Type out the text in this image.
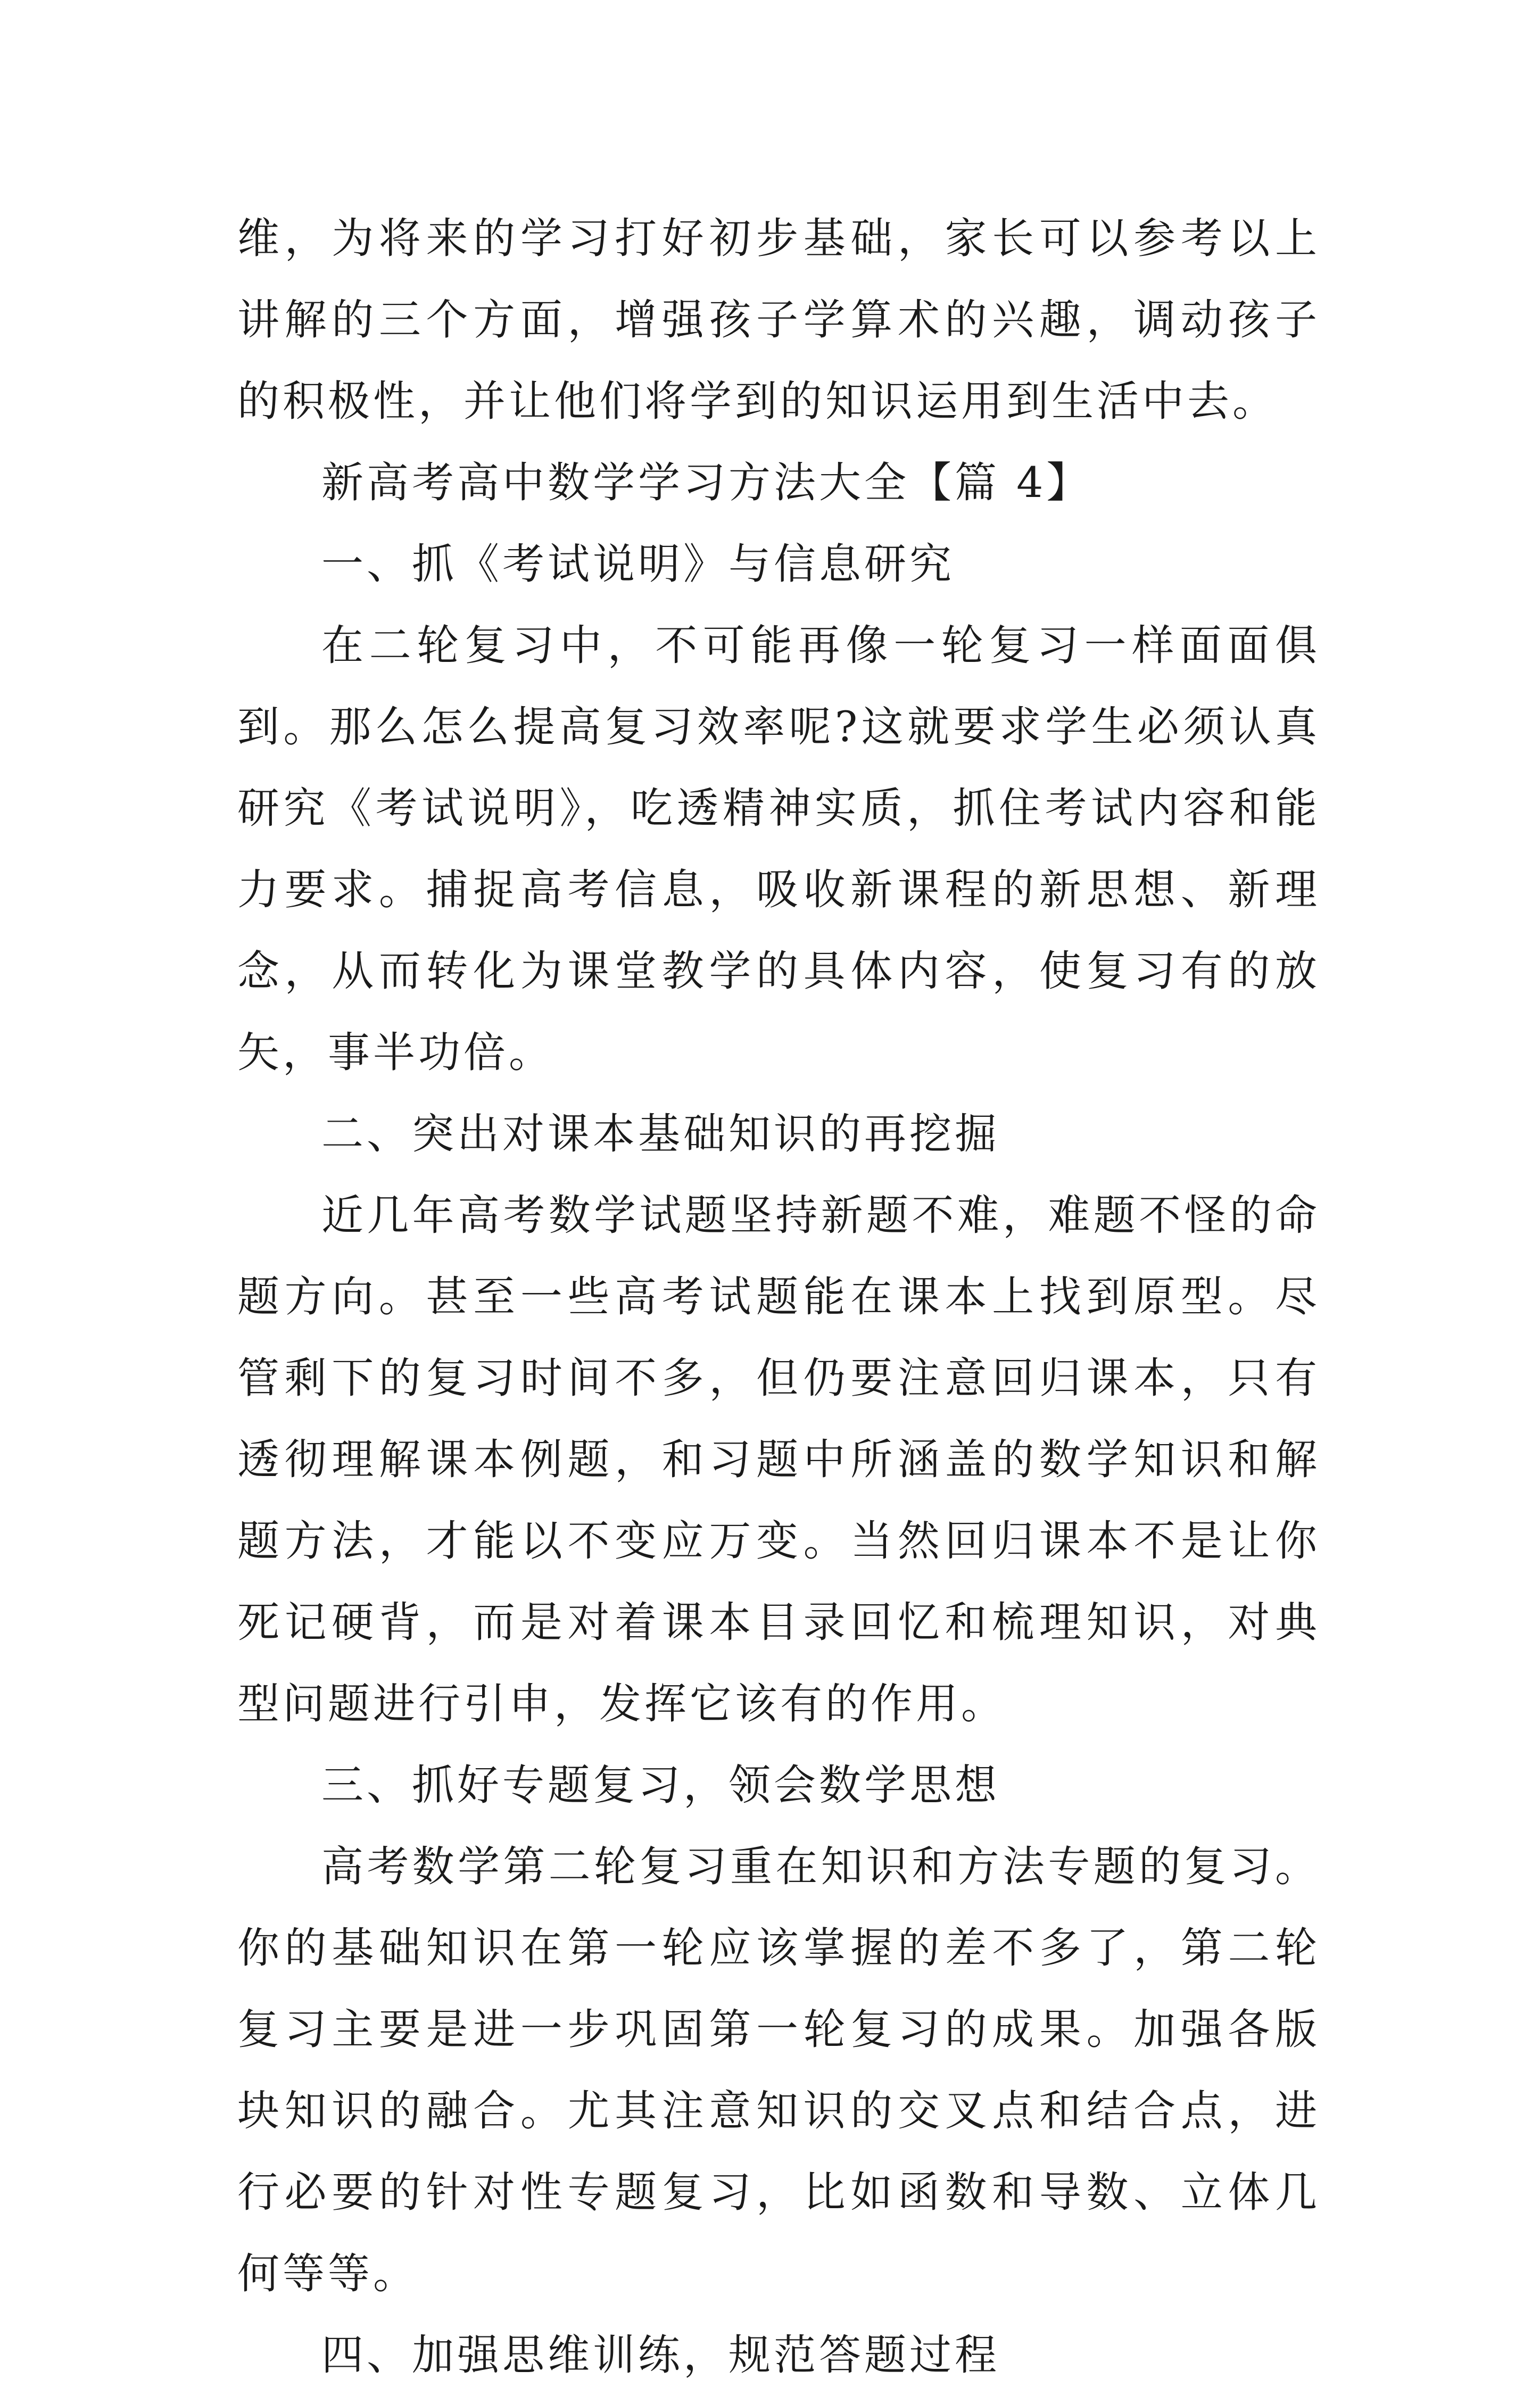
维，为将来的学习打好初步基础，家长可以参考以上讲解的三个方面，增强孩子学算术的兴趣，调动孩子的积极性，并让他们将学到的知识运用到生活中去。

新高考高中数学学习方法大全【篇 4】

一、抓《考试说明》与信息研究

在二轮复习中，不可能再像一轮复习一样面面俱到。那么怎么提高复习效率呢?这就要求学生必须认真研究《考试说明》，吃透精神实质，抓住考试内容和能力要求。捕捉高考信息，吸收新课程的新思想、新理念，从而转化为课堂教学的具体内容，使复习有的放矢，事半功倍。

二、突出对课本基础知识的再挖掘

近几年高考数学试题坚持新题不难，难题不怪的命题方向。甚至一些高考试题能在课本上找到原型。尽管剩下的复习时间不多，但仍要注意回归课本，只有透彻理解课本例题，和习题中所涵盖的数学知识和解题方法，才能以不变应万变。当然回归课本不是让你死记硬背，而是对着课本目录回忆和梳理知识，对典型问题进行引申，发挥它该有的作用。

三、抓好专题复习，领会数学思想

高考数学第二轮复习重在知识和方法专题的复习。你的基础知识在第一轮应该掌握的差不多了，第二轮复习主要是进一步巩固第一轮复习的成果。加强各版块知识的融合。尤其注意知识的交叉点和结合点，进行必要的针对性专题复习，比如函数和导数、立体几何等等。

四、加强思维训练，规范答题过程
